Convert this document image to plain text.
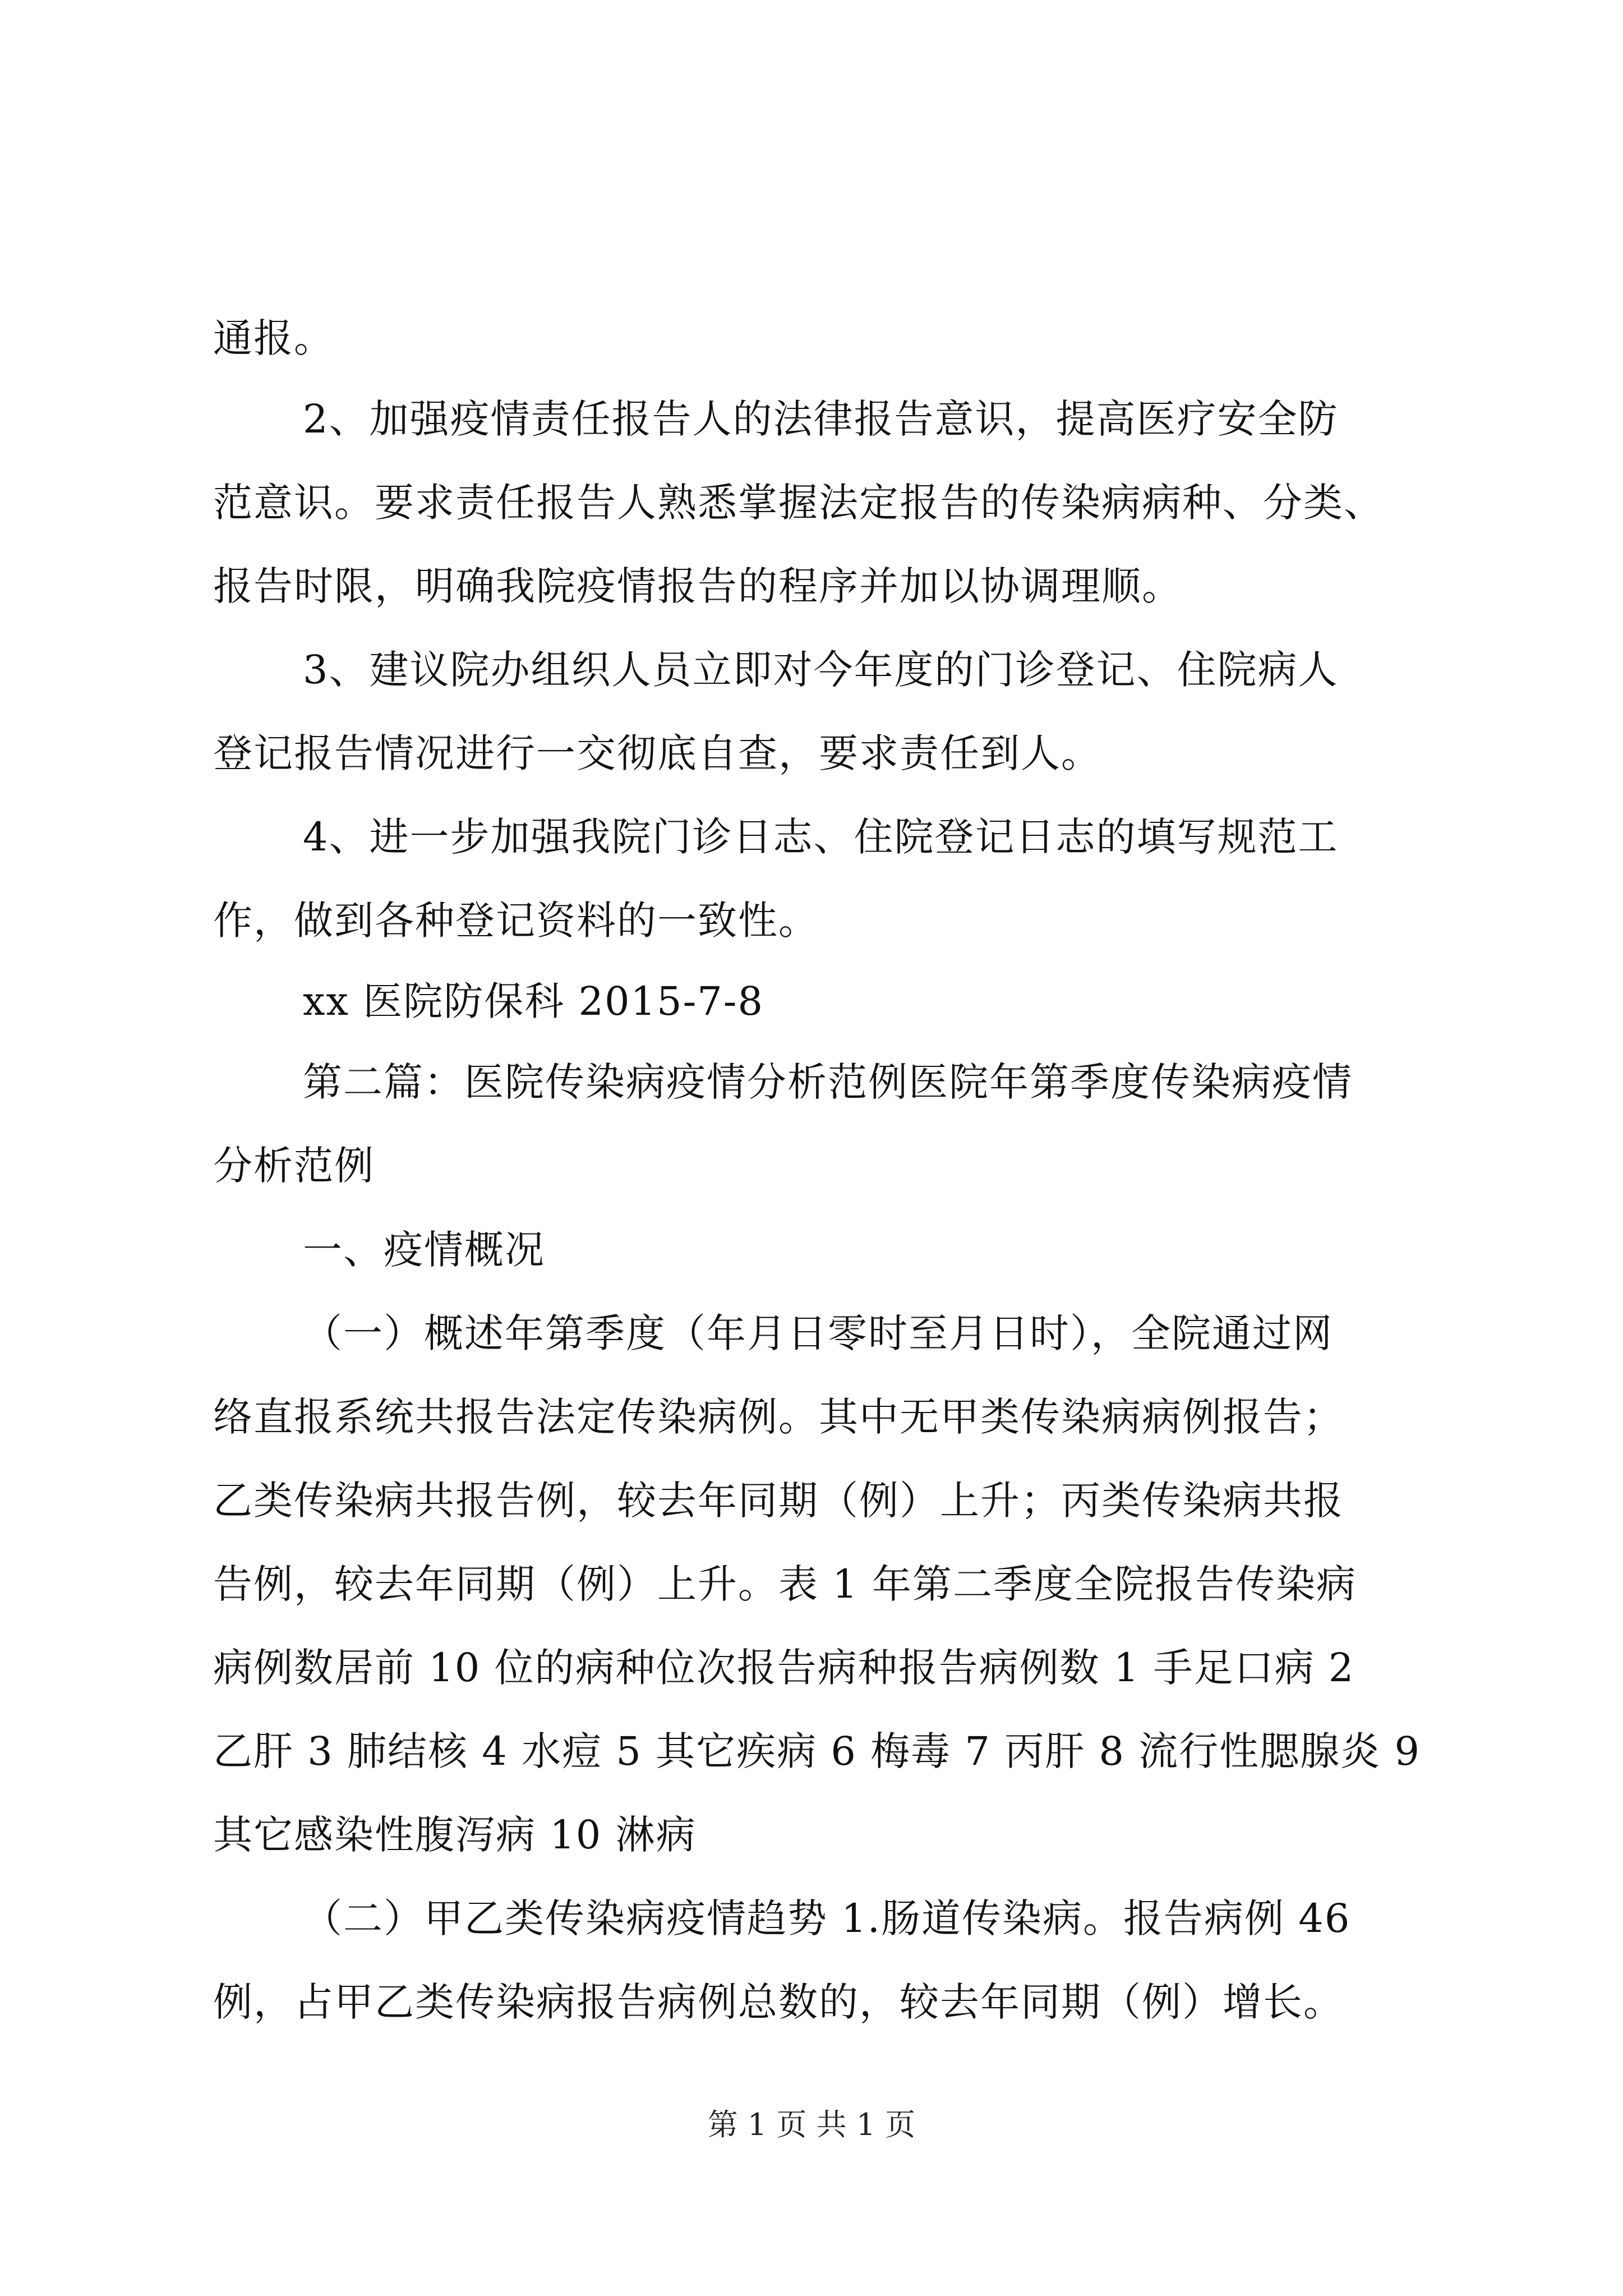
通报。
2、加强疫情责任报告人的法律报告意识，提高医疗安全防
范意识。要求责任报告人熟悉掌握法定报告的传染病病种、分类、
报告时限，明确我院疫情报告的程序并加以协调理顺。
3、建议院办组织人员立即对今年度的门诊登记、住院病人
登记报告情况进行一交彻底自查，要求责任到人。
4、进一步加强我院门诊日志、住院登记日志的填写规范工
作，做到各种登记资料的一致性。
xx 医院防保科 2015-7-8
第二篇：医院传染病疫情分析范例医院年第季度传染病疫情
分析范例
一、疫情概况
（一）概述年第季度（年月日零时至月日时），全院通过网
络直报系统共报告法定传染病例。其中无甲类传染病病例报告；
乙类传染病共报告例，较去年同期（例）上升；丙类传染病共报
告例，较去年同期（例）上升。表 1 年第二季度全院报告传染病
病例数居前 10 位的病种位次报告病种报告病例数 1 手足口病 2
乙肝 3 肺结核 4 水痘 5 其它疾病 6 梅毒 7 丙肝 8 流行性腮腺炎 9
其它感染性腹泻病 10 淋病
（二）甲乙类传染病疫情趋势 1.肠道传染病。报告病例 46
例，占甲乙类传染病报告病例总数的，较去年同期（例）增长。
第 1 页 共 1 页
